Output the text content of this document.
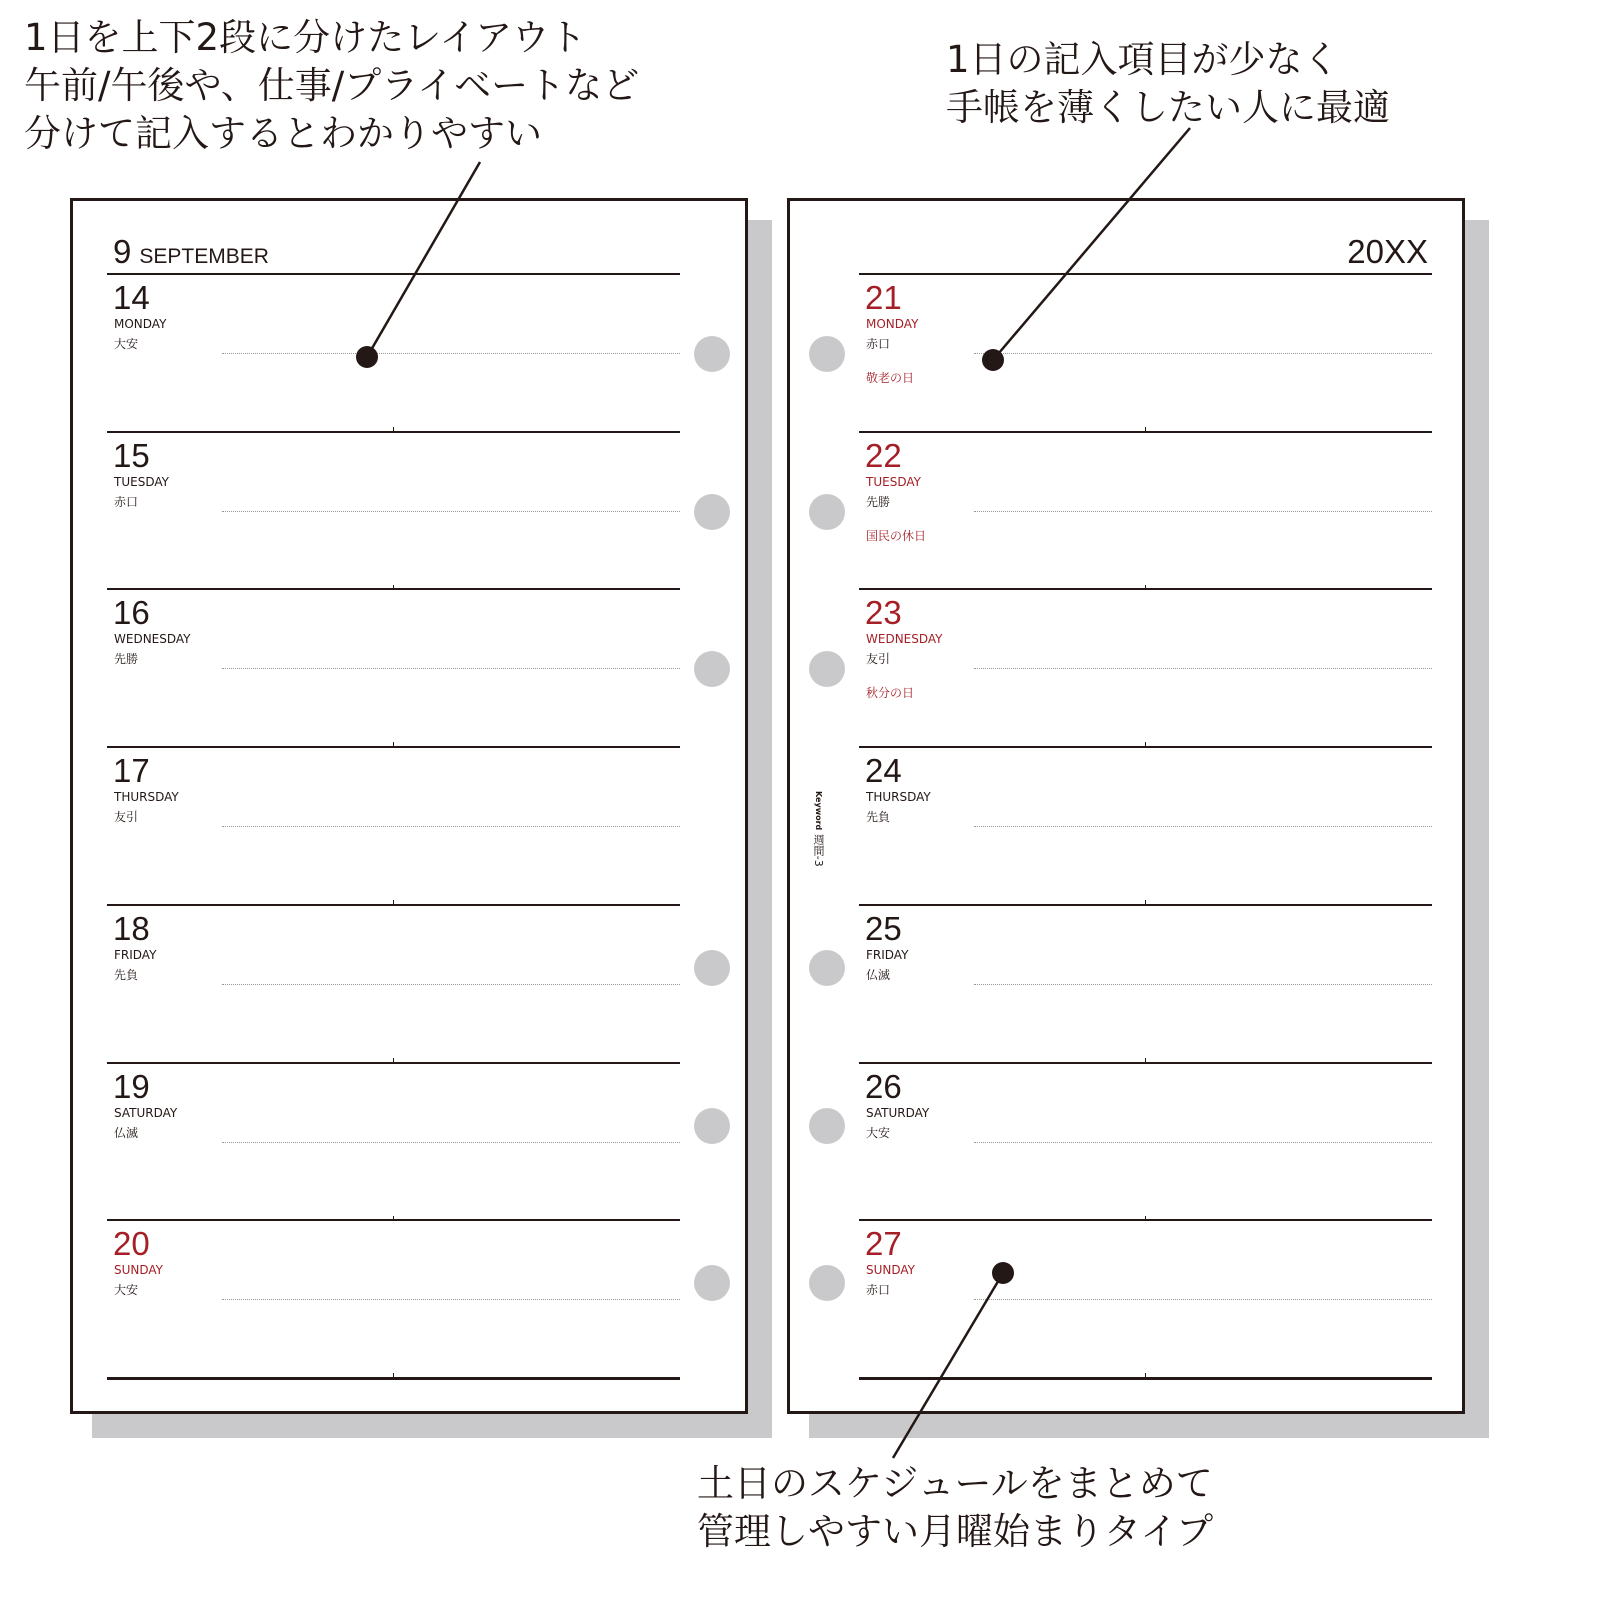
1日を上下2段に分けたレイアウト
午前/午後や、仕事/プライベートなど
分けて記入するとわかりやすい
1日の記入項目が少なく
手帳を薄くしたい人に最適
土日のスケジュールをまとめて
管理しやすい月曜始まりタイプ
9 SEPTEMBER
14
MONDAY
大安
15
TUESDAY
赤口
16
WEDNESDAY
先勝
17
THURSDAY
友引
18
FRIDAY
先負
19
SATURDAY
仏滅
20
SUNDAY
大安
20XX
Keyword 週間-3
21
MONDAY
赤口
敬老の日
22
TUESDAY
先勝
国民の休日
23
WEDNESDAY
友引
秋分の日
24
THURSDAY
先負
25
FRIDAY
仏滅
26
SATURDAY
大安
27
SUNDAY
赤口
